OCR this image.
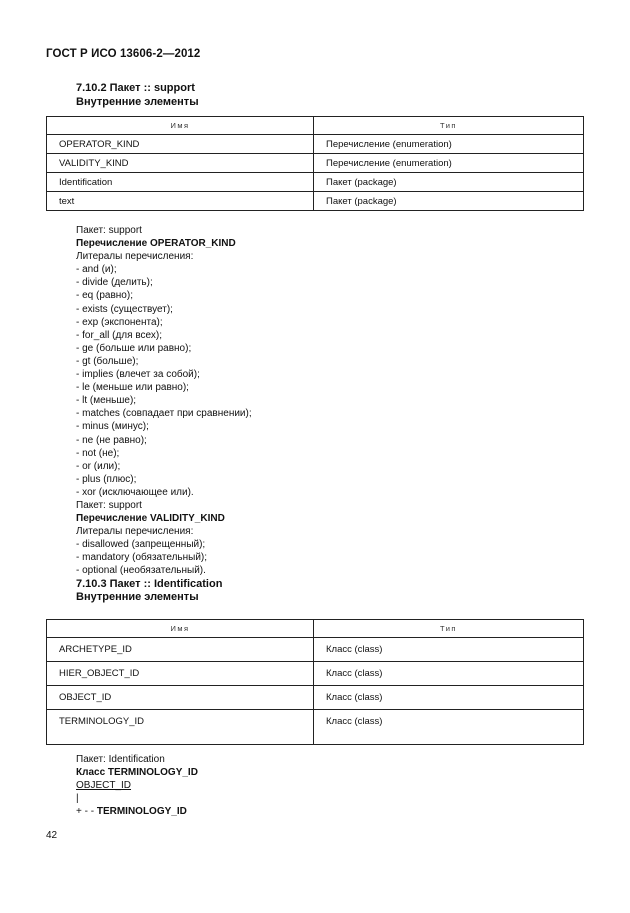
ГОСТ Р ИСО 13606-2—2012
7.10.2 Пакет :: support
Внутренние элементы
Имя	Тип
OPERATOR_KIND	Перечисление (enumeration)
VALIDITY_KIND	Перечисление (enumeration)
Identification	Пакет (package)
text	Пакет (package)
Пакет: support
Перечисление OPERATOR_KIND
Литералы перечисления:
- and (и);
- divide (делить);
- eq (равно);
- exists (существует);
- exp (экспонента);
- for_all (для всех);
- ge (больше или равно);
- gt (больше);
- implies (влечет за собой);
- le (меньше или равно);
- lt (меньше);
- matches (совпадает при сравнении);
- minus (минус);
- ne (не равно);
- not (не);
- or (или);
- plus (плюс);
- xor (исключающее или).
Пакет: support
Перечисление VALIDITY_KIND
Литералы перечисления:
- disallowed (запрещенный);
- mandatory (обязательный);
- optional (необязательный).
7.10.3 Пакет :: Identification
Внутренние элементы
Имя	Тип
ARCHETYPE_ID	Класс (class)
HIER_OBJECT_ID	Класс (class)
OBJECT_ID	Класс (class)
TERMINOLOGY_ID	Класс (class)
Пакет: Identification
Класс TERMINOLOGY_ID
OBJECT_ID
|
+ - - TERMINOLOGY_ID
42
